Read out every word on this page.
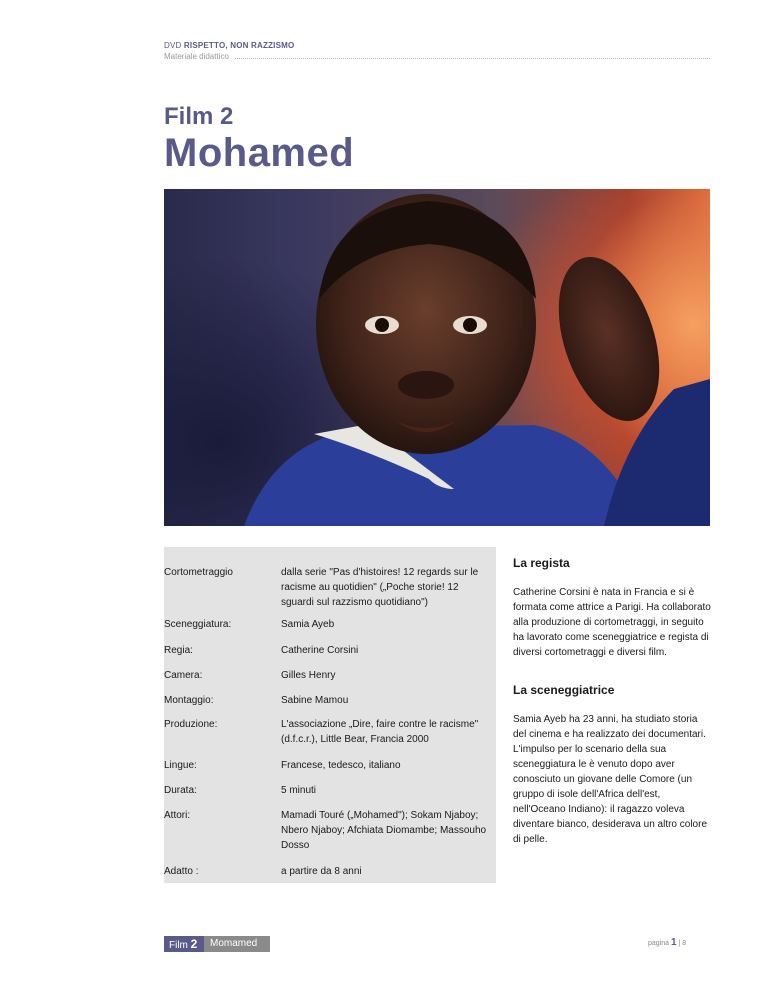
DVD RISPETTO, NON RAZZISMO
Materiale didattico
Film 2
Mohamed
Cortometraggio	dalla serie "Pas d'histoires! 12 regards sur le racisme au quotidien" („Poche storie! 12 sguardi sul razzismo quotidiano")
Sceneggiatura:	Samia Ayeb
Regia:	Catherine Corsini
Camera:	Gilles Henry
Montaggio:	Sabine Mamou
Produzione:	L'associazione „Dire, faire contre le racisme" (d.f.c.r.), Little Bear, Francia 2000
Lingue:	Francese, tedesco, italiano
Durata:	5 minuti
Attori:	Mamadi Touré („Mohamed"); Sokam Njaboy; Nbero Njaboy; Afchiata Diomambe; Massouho Dosso
Adatto :	a partire da 8 anni
La regista
Catherine Corsini è nata in Francia e si è formata come attrice a Parigi. Ha collaborato alla produzione di cortometraggi, in seguito ha lavorato come sceneggiatrice e regista di diversi cortometraggi e diversi film.
La sceneggiatrice
Samia Ayeb ha 23 anni, ha studiato storia del cinema e ha realizzato dei documentari. L'impulso per lo scenario della sua sceneggiatura le è venuto dopo aver conosciuto un giovane delle Comore (un gruppo di isole dell'Africa dell'est, nell'Oceano Indiano): il ragazzo voleva diventare bianco, desiderava un altro colore di pelle.
Film 2	Momamed	pagina 1 | 8
